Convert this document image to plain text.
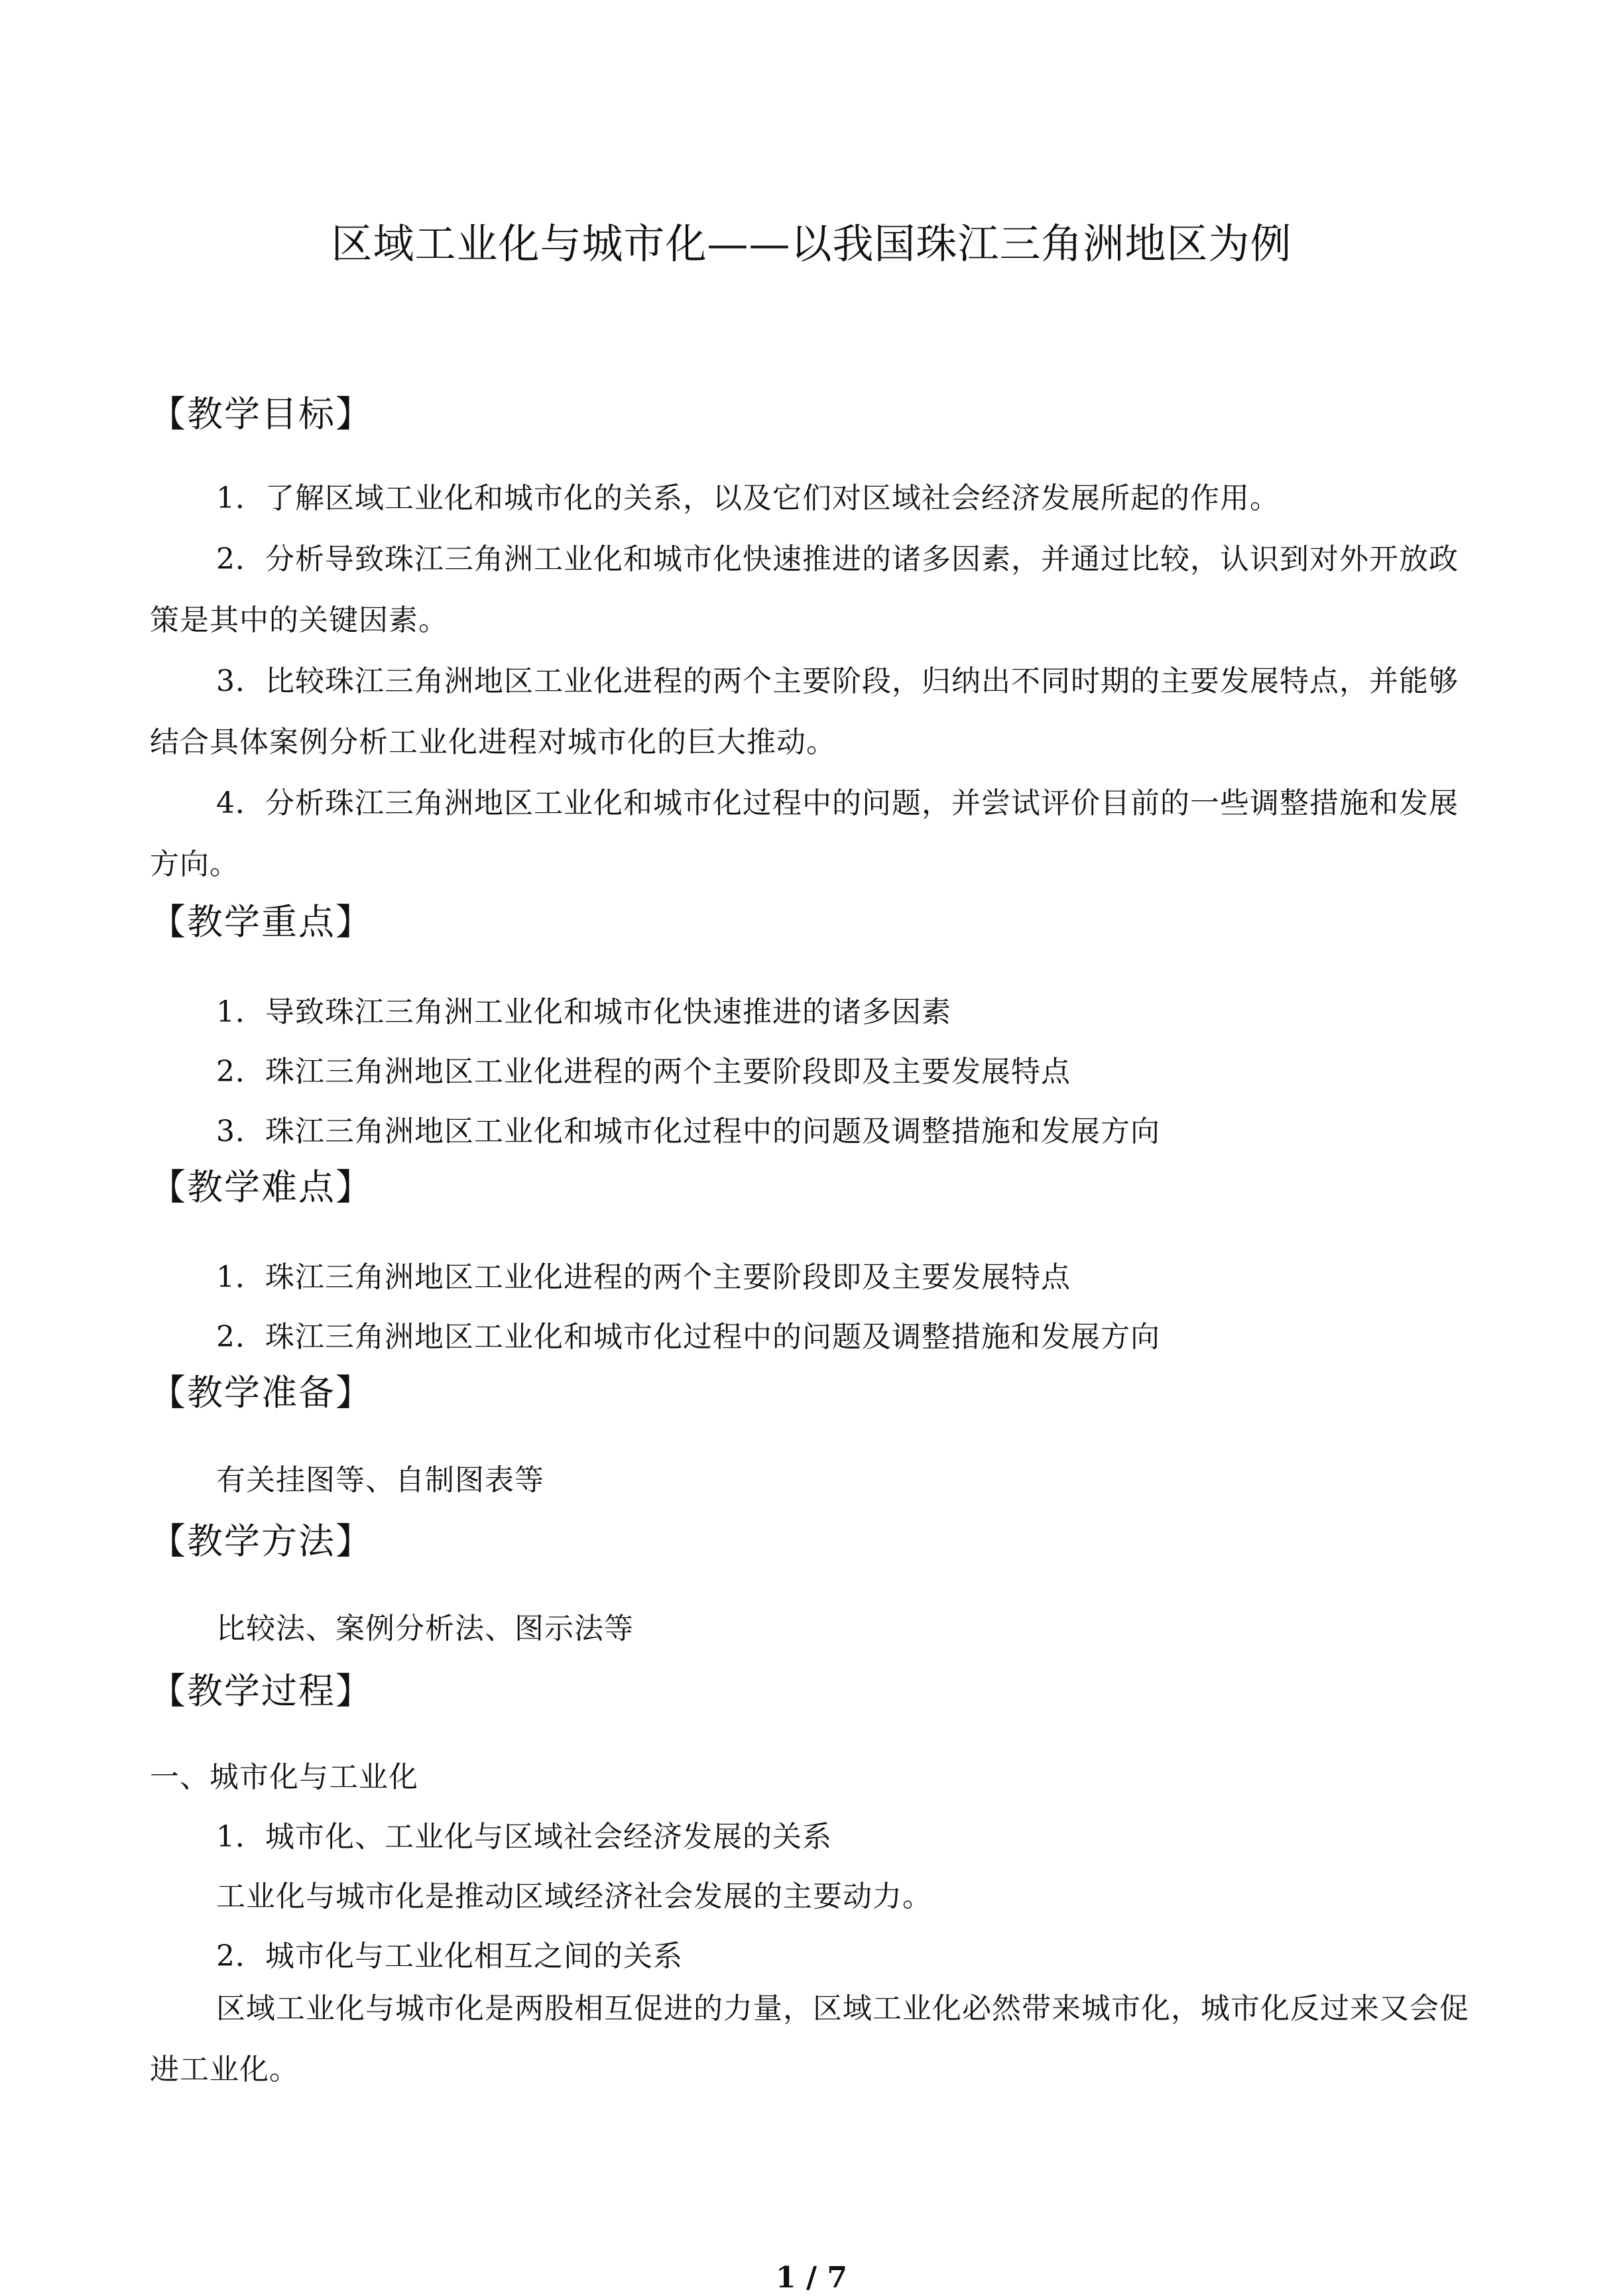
区域工业化与城市化——以我国珠江三角洲地区为例
【教学目标】

1．了解区域工业化和城市化的关系，以及它们对区域社会经济发展所起的作用。

2．分析导致珠江三角洲工业化和城市化快速推进的诸多因素，并通过比较，认识到对外开放政策是其中的关键因素。

3．比较珠江三角洲地区工业化进程的两个主要阶段，归纳出不同时期的主要发展特点，并能够结合具体案例分析工业化进程对城市化的巨大推动。

4．分析珠江三角洲地区工业化和城市化过程中的问题，并尝试评价目前的一些调整措施和发展方向。

【教学重点】
1．导致珠江三角洲工业化和城市化快速推进的诸多因素
2．珠江三角洲地区工业化进程的两个主要阶段即及主要发展特点
3．珠江三角洲地区工业化和城市化过程中的问题及调整措施和发展方向
【教学难点】
1．珠江三角洲地区工业化进程的两个主要阶段即及主要发展特点
2．珠江三角洲地区工业化和城市化过程中的问题及调整措施和发展方向
【教学准备】
有关挂图等、自制图表等
【教学方法】
比较法、案例分析法、图示法等
【教学过程】
一、城市化与工业化
1．城市化、工业化与区域社会经济发展的关系
工业化与城市化是推动区域经济社会发展的主要动力。
2．城市化与工业化相互之间的关系

区域工业化与城市化是两股相互促进的力量，区域工业化必然带来城市化，城市化反过来又会促进工业化。

1 / 7
